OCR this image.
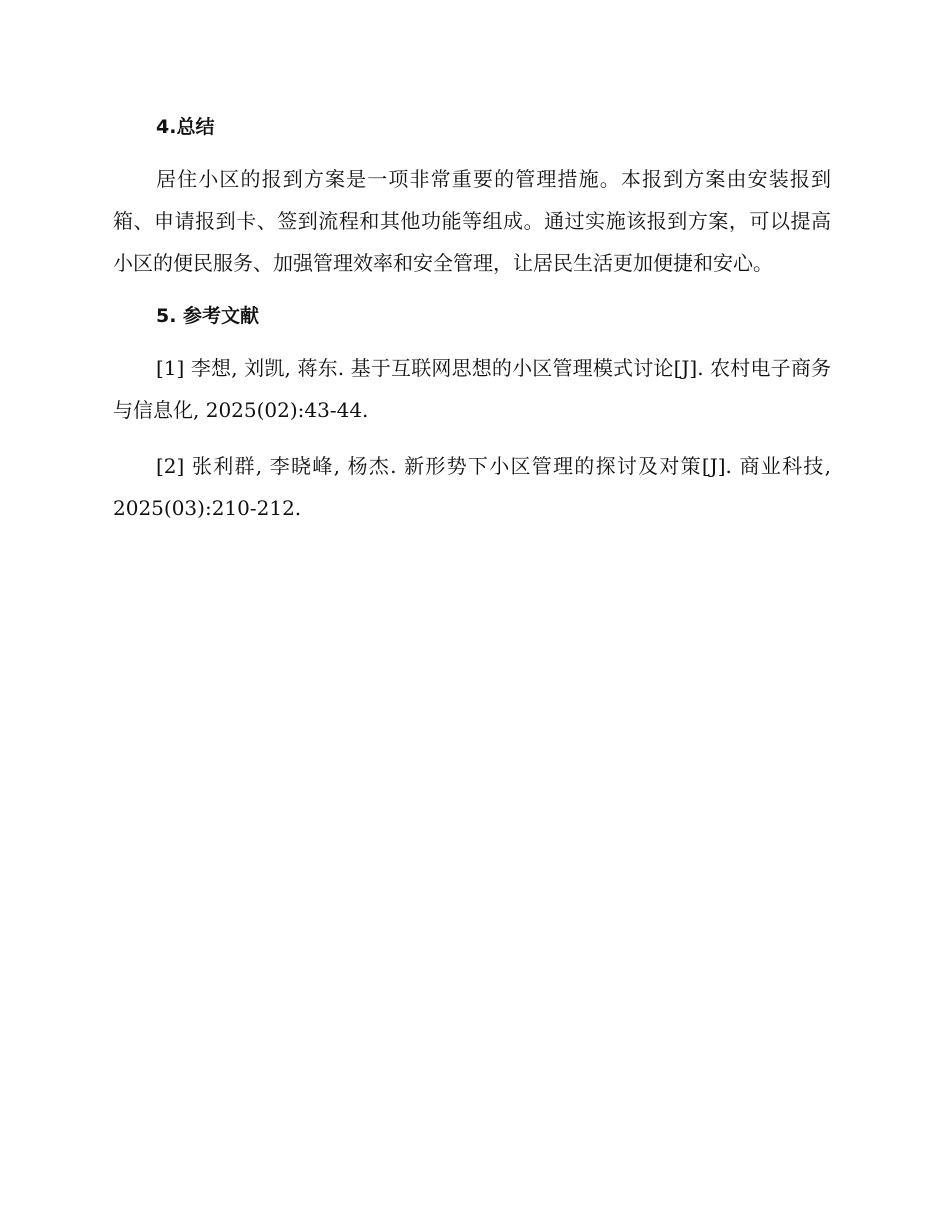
4.总结

居住小区的报到方案是一项非常重要的管理措施。本报到方案由安装报到箱、申请报到卡、签到流程和其他功能等组成。通过实施该报到方案，可以提高小区的便民服务、加强管理效率和安全管理，让居民生活更加便捷和安心。

5. 参考文献

[1] 李想, 刘凯, 蒋东. 基于互联网思想的小区管理模式讨论[J]. 农村电子商务与信息化, 2025(02):43-44.

[2] 张利群, 李晓峰, 杨杰. 新形势下小区管理的探讨及对策[J]. 商业科技, 2025(03):210-212.
